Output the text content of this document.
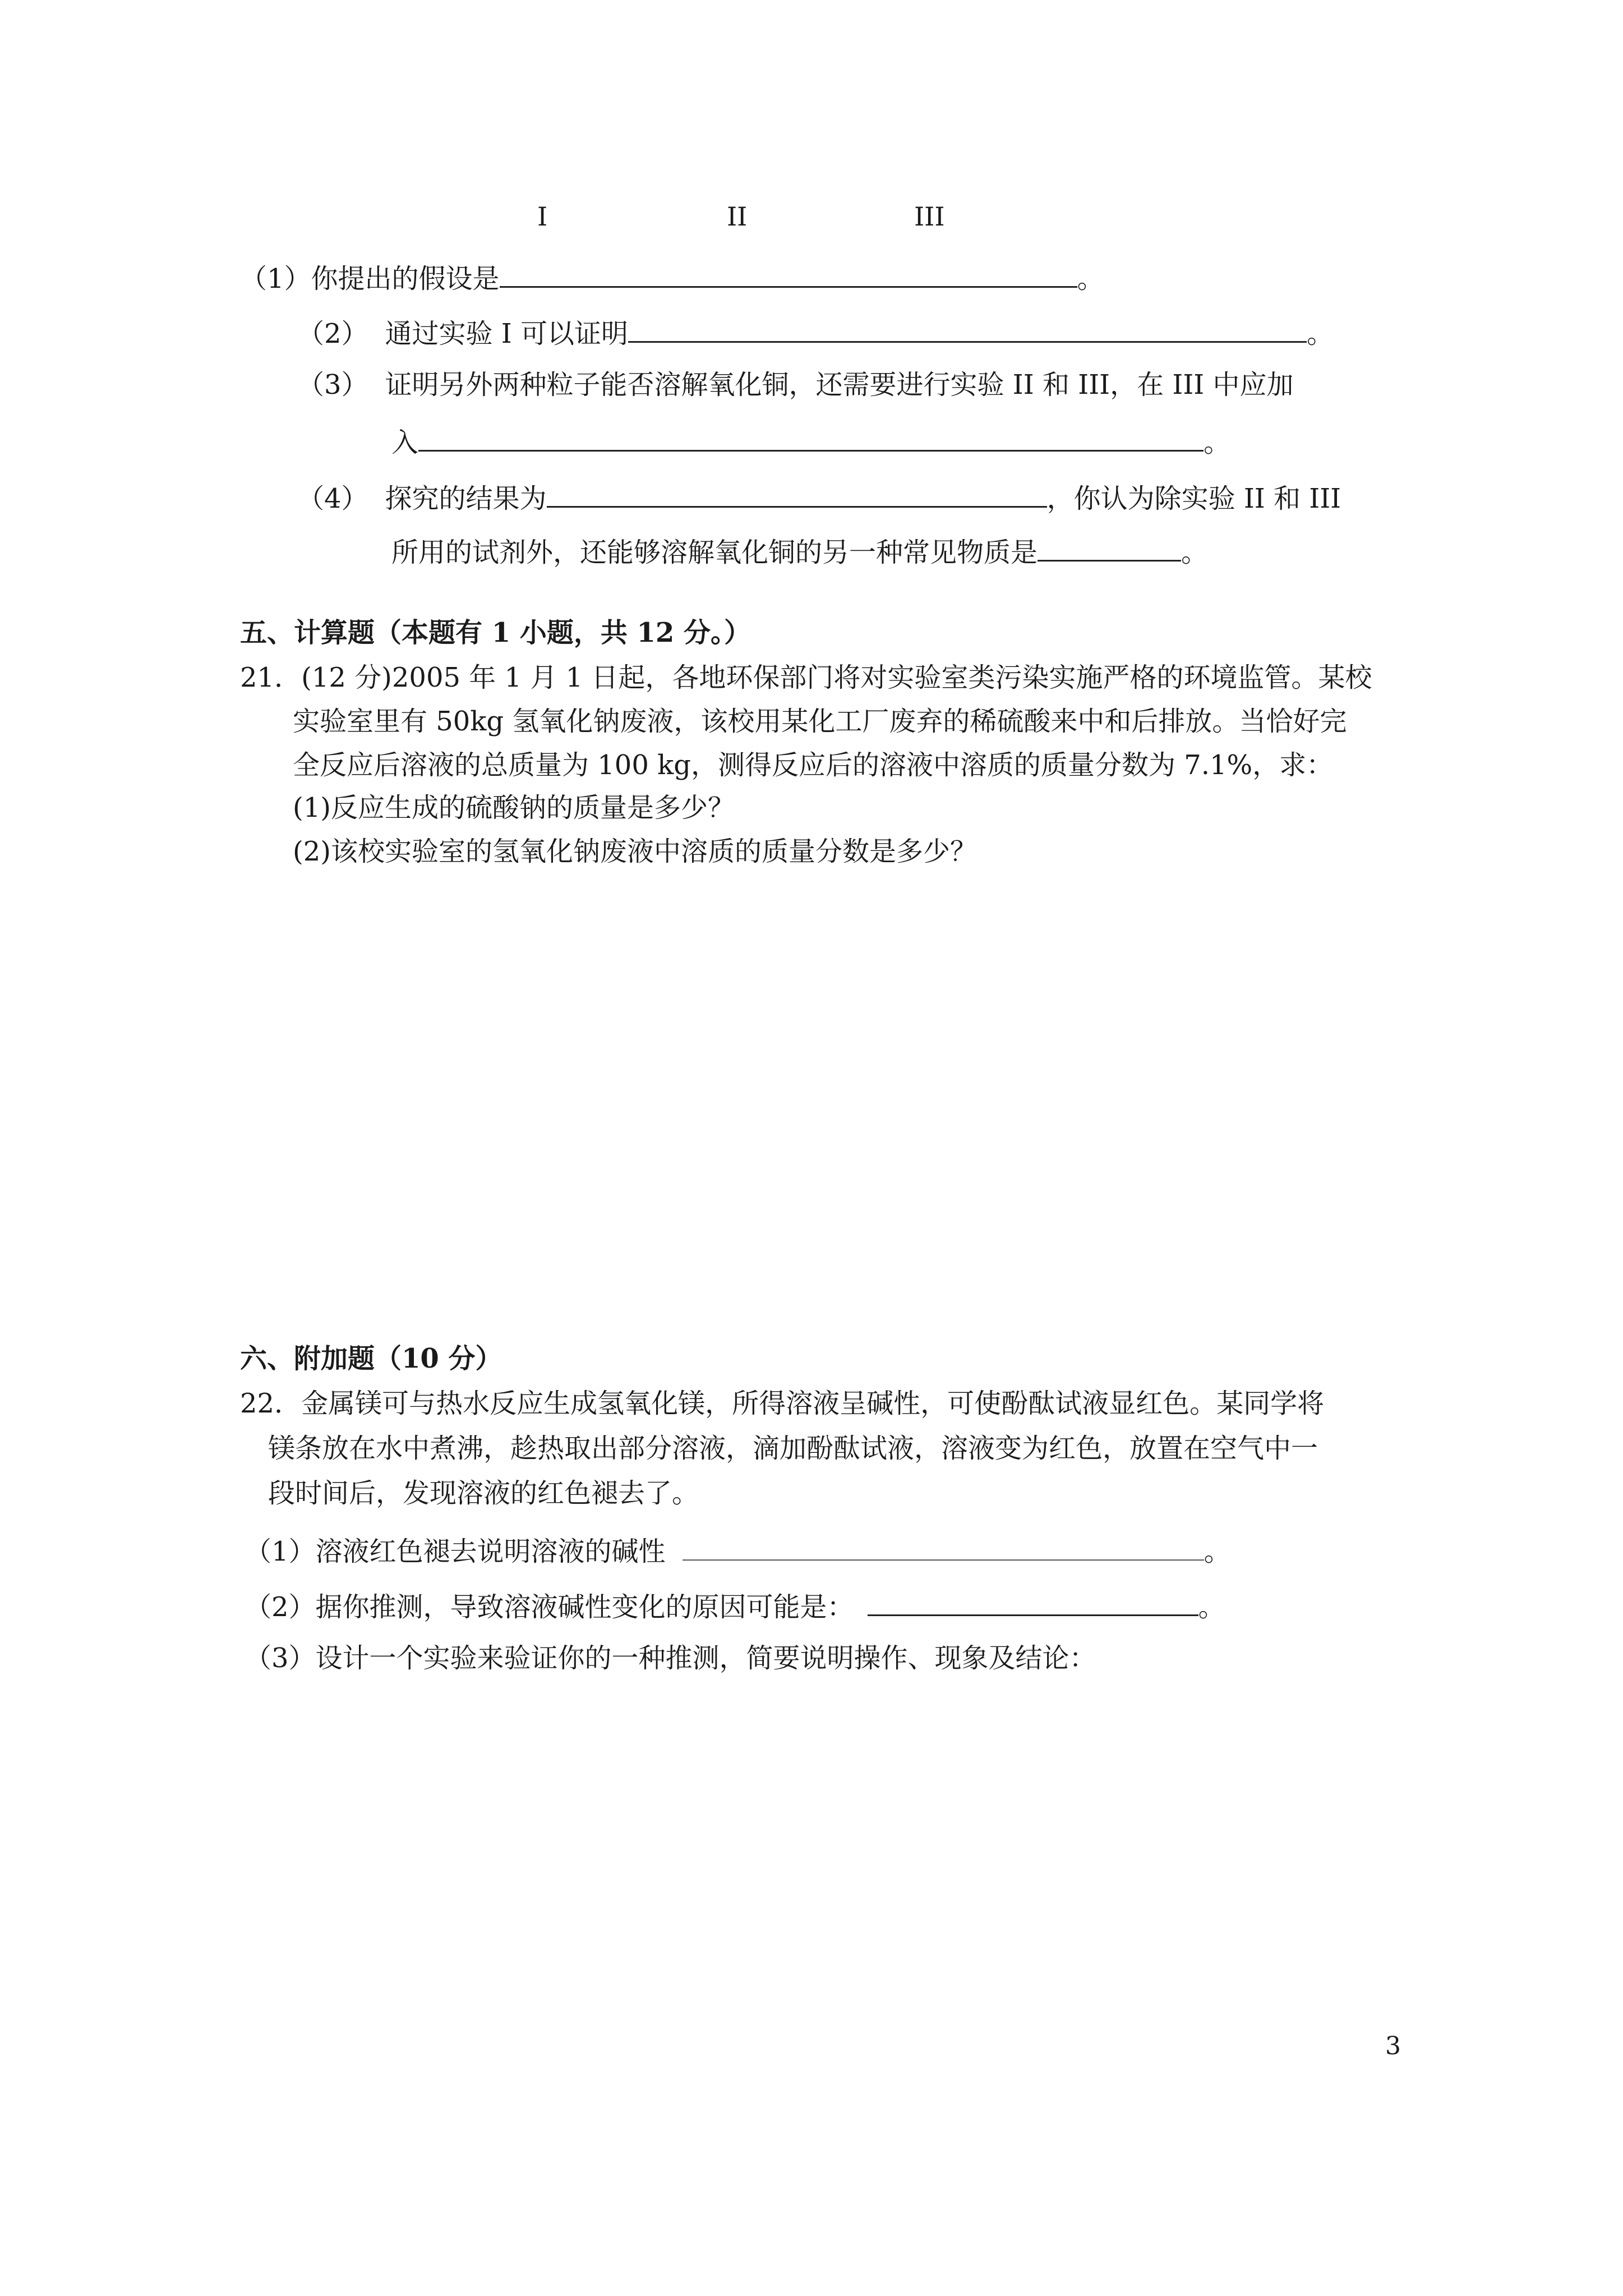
I	II	III
（1）你提出的假设是	。
（2） 通过实验 I 可以证明	。
（3） 证明另外两种粒子能否溶解氧化铜，还需要进行实验 II 和 III，在 III 中应加
入	。
（4） 探究的结果为	，你认为除实验 II 和 III
所用的试剂外，还能够溶解氧化铜的另一种常见物质是	。
五、计算题（本题有 1 小题，共 12 分。）
21．(12 分)2005 年 1 月 1 日起，各地环保部门将对实验室类污染实施严格的环境监管。某校
实验室里有 50kg 氢氧化钠废液，该校用某化工厂废弃的稀硫酸来中和后排放。当恰好完
全反应后溶液的总质量为 100 kg，测得反应后的溶液中溶质的质量分数为 7.1%，求：
(1)反应生成的硫酸钠的质量是多少？
(2)该校实验室的氢氧化钠废液中溶质的质量分数是多少？
六、附加题（10 分）
22．金属镁可与热水反应生成氢氧化镁，所得溶液呈碱性，可使酚酞试液显红色。某同学将
镁条放在水中煮沸，趁热取出部分溶液，滴加酚酞试液，溶液变为红色，放置在空气中一
段时间后，发现溶液的红色褪去了。
（1）溶液红色褪去说明溶液的碱性	。
（2）据你推测，导致溶液碱性变化的原因可能是：	。
（3）设计一个实验来验证你的一种推测，简要说明操作、现象及结论：
3
